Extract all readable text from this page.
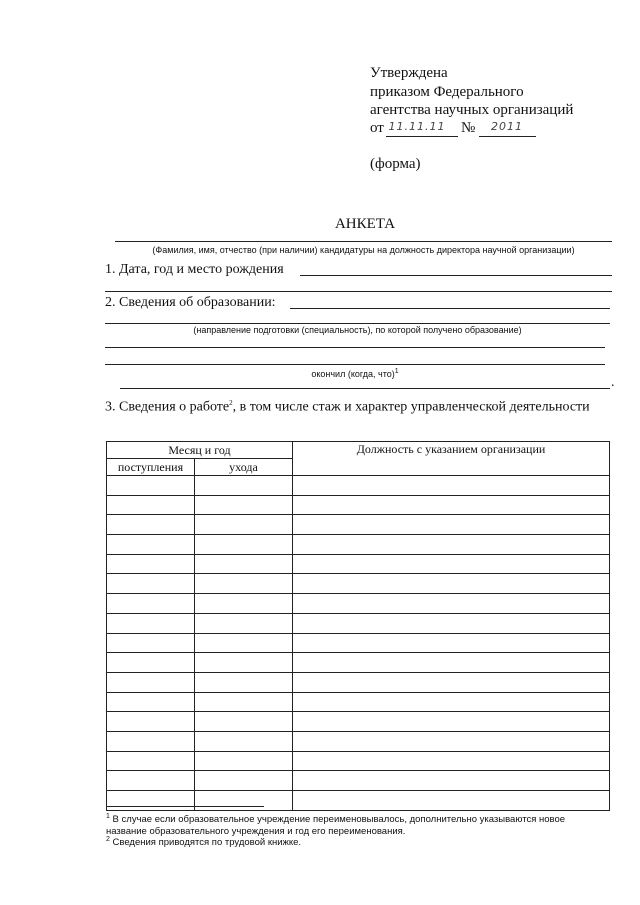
Утверждена
приказом Федерального
агентства научных организаций
от 11.11.11 №	2011
(форма)
АНКЕТА
(Фамилия, имя, отчество (при наличии) кандидатуры на должность директора научной организации)
1. Дата, год и место рождения
2. Сведения об образовании:
(направление подготовки (специальность), по которой получено образование)
окончил (когда, что)$^1$
.
3. Сведения о работе$^2$, в том числе стаж и характер управленческой деятельности
Месяц и год		Должность с указанием организации
поступления	ухода	

$^1$ В случае если образовательное учреждение переименовывалось, дополнительно указываются новое название образовательного учреждения и год его переименования.
$^2$ Сведения приводятся по трудовой книжке.
